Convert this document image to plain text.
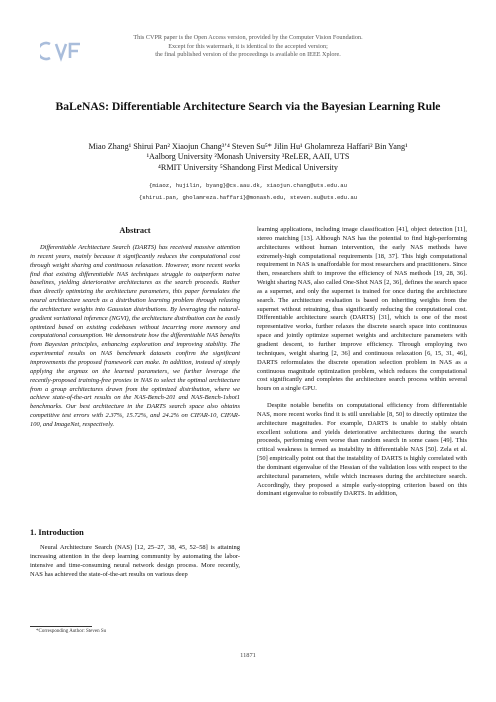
This CVPR paper is the Open Access version, provided by the Computer Vision Foundation.
Except for this watermark, it is identical to the accepted version;
the final published version of the proceedings is available on IEEE Xplore.
BaLeNAS: Differentiable Architecture Search via the Bayesian Learning Rule
Miao Zhang¹ Shirui Pan² Xiaojun Chang³ʼ⁴ Steven Su⁵* Jilin Hu¹ Gholamreza Haffari² Bin Yang¹
¹Aalborg University ²Monash University ³ReLER, AAII, UTS
⁴RMIT University ⁵Shandong First Medical University
{miaoz, hujilin, byang}@cs.aau.dk, xiaojun.chang@uts.edu.au
{shirui.pan, gholamreza.haffari}@monash.edu, steven.su@uts.edu.au
Abstract

Differentiable Architecture Search (DARTS) has received massive attention in recent years, mainly because it significantly reduces the computational cost through weight sharing and continuous relaxation. However, more recent works find that existing differentiable NAS techniques struggle to outperform naive baselines, yielding deteriorative architectures as the search proceeds. Rather than directly optimizing the architecture parameters, this paper formulates the neural architecture search as a distribution learning problem through relaxing the architecture weights into Gaussian distributions. By leveraging the natural-gradient variational inference (NGVI), the architecture distribution can be easily optimized based on existing codebases without incurring more memory and computational consumption. We demonstrate how the differentiable NAS benefits from Bayesian principles, enhancing exploration and improving stability. The experimental results on NAS benchmark datasets confirm the significant improvements the proposed framework can make. In addition, instead of simply applying the argmax on the learned parameters, we further leverage the recently-proposed training-free proxies in NAS to select the optimal architecture from a group architectures drawn from the optimized distribution, where we achieve state-of-the-art results on the NAS-Bench-201 and NAS-Bench-1shot1 benchmarks. Our best architecture in the DARTS search space also obtains competitive test errors with 2.37%, 15.72%, and 24.2% on CIFAR-10, CIFAR-100, and ImageNet, respectively.

1. Introduction

Neural Architecture Search (NAS) [12, 25–27, 38, 45, 52–58] is attaining increasing attention in the deep learning community by automating the labor-intensive and time-consuming neural network design process. More recently, NAS has achieved the state-of-the-art results on various deep

learning applications, including image classification [41], object detection [11], stereo matching [13]. Although NAS has the potential to find high-performing architectures without human intervention, the early NAS methods have extremely-high computational requirements [18, 37]. This high computational requirement in NAS is unaffordable for most researchers and practitioners. Since then, researchers shift to improve the efficiency of NAS methods [19, 28, 36]. Weight sharing NAS, also called One-Shot NAS [2, 36], defines the search space as a supernet, and only the supernet is trained for once during the architecture search. The architecture evaluation is based on inheriting weights from the supernet without retraining, thus significantly reducing the computational cost. Differentiable architecture search (DARTS) [31], which is one of the most representative works, further relaxes the discrete search space into continuous space and jointly optimize supernet weights and architecture parameters with gradient descent, to further improve efficiency. Through employing two techniques, weight sharing [2, 36] and continuous relaxation [6, 15, 31, 46], DARTS reformulates the discrete operation selection problem in NAS as a continuous magnitude optimization problem, which reduces the computational cost significantly and completes the architecture search process within several hours on a single GPU.

Despite notable benefits on computational efficiency from differentiable NAS, more recent works find it is still unreliable [8, 50] to directly optimize the architecture magnitudes. For example, DARTS is unable to stably obtain excellent solutions and yields deteriorative architectures during the search proceeds, performing even worse than random search in some cases [49]. This critical weakness is termed as instability in differentiable NAS [50]. Zela et al. [50] empirically point out that the instability of DARTS is highly correlated with the dominant eigenvalue of the Hessian of the validation loss with respect to the architectural parameters, while which increases during the architecture search. Accordingly, they proposed a simple early-stopping criterion based on this dominant eigenvalue to robustify DARTS. In addition,

*Corresponding Author: Steven Su
11871
